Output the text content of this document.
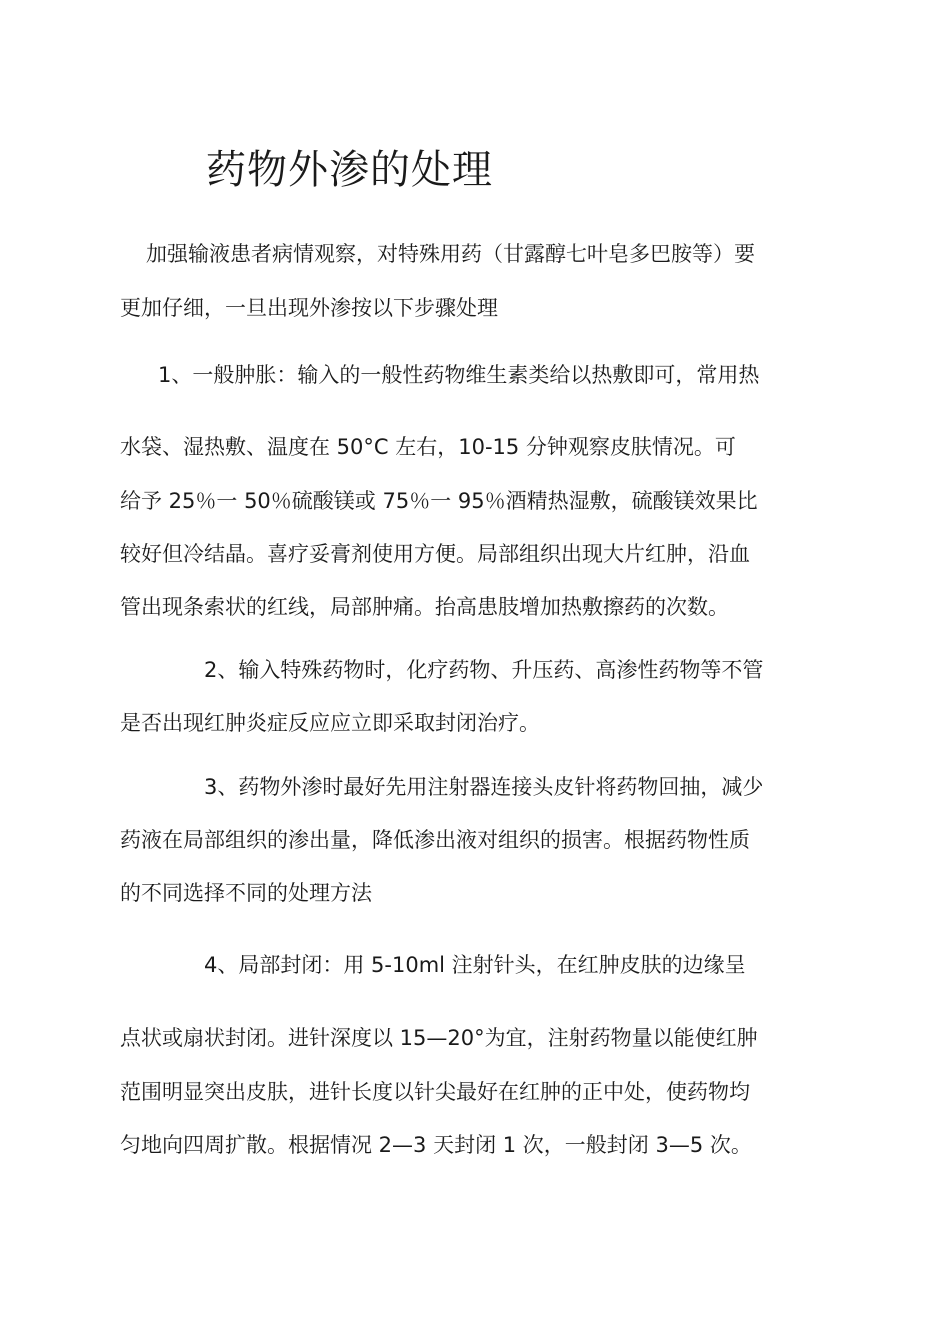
药物外渗的处理
加强输液患者病情观察，对特殊用药（甘露醇七叶皂多巴胺等）要
更加仔细，一旦出现外渗按以下步骤处理
1、一般肿胀：输入的一般性药物维生素类给以热敷即可，常用热
水袋、湿热敷、温度在 50°C 左右，10-15 分钟观察皮肤情况。可
给予 25％一 50％硫酸镁或 75％一 95％酒精热湿敷，硫酸镁效果比
较好但冷结晶。喜疗妥膏剂使用方便。局部组织出现大片红肿，沿血
管出现条索状的红线，局部肿痛。抬高患肢增加热敷擦药的次数。
2、输入特殊药物时，化疗药物、升压药、高渗性药物等不管
是否出现红肿炎症反应应立即采取封闭治疗。
3、药物外渗时最好先用注射器连接头皮针将药物回抽，减少
药液在局部组织的渗出量，降低渗出液对组织的损害。根据药物性质
的不同选择不同的处理方法
4、局部封闭：用 5-10ml 注射针头，在红肿皮肤的边缘呈
点状或扇状封闭。进针深度以 15—20°为宜，注射药物量以能使红肿
范围明显突出皮肤，进针长度以针尖最好在红肿的正中处，使药物均
匀地向四周扩散。根据情况 2—3 天封闭 1 次，一般封闭 3—5 次。
